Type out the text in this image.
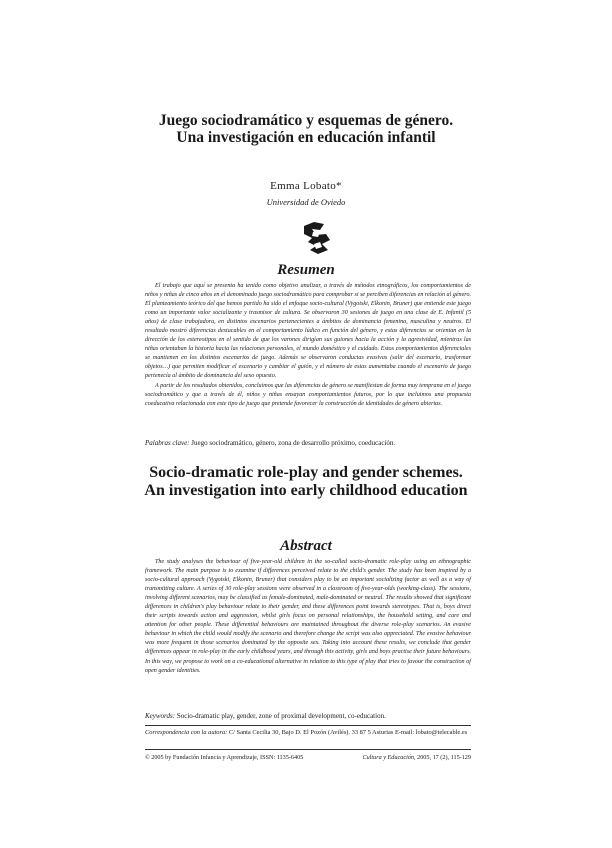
Juego sociodramático y esquemas de género. Una investigación en educación infantil

Emma Lobato*

Universidad de Oviedo

Resumen

El trabajo que aquí se presenta ha tenido como objetivo analizar, a través de métodos etnográficos, los comportamientos de niños y niñas de cinco años en el denominado juego sociodramático para comprobar si se perciben diferencias en relación al género. El planteamiento teórico del que hemos partido ha sido el enfoque socio-cultural (Vygotski, Elkonin, Bruner) que entiende este juego como un importante valor socializante y trasmisor de cultura. Se observaron 30 sesiones de juego en una clase de E. Infantil (5 años) de clase trabajadora, en distintos escenarios pertenecientes a ámbitos de dominancia femenina, masculina y neutros. El resultado mostró diferencias destacables en el comportamiento lúdico en función del género, y estas diferencias se orientan en la dirección de los estereotipos en el sentido de que los varones dirigían sus guiones hacia la acción y la agresividad, mientras las niñas orientaban la historia hacia las relaciones personales, el mundo doméstico y el cuidado. Estos comportamientos diferenciales se mantienen en los distintos escenarios de juego. Además se observaron conductas evasivas (salir del escenario, trasformar objetos…) que permiten modificar el escenario y cambiar el guión, y el número de estas aumentaba cuando el escenario de juego pertenecía al ámbito de dominancia del sexo opuesto.

A partir de los resultados obtenidos, concluimos que las diferencias de género se manifiestan de forma muy temprana en el juego sociodramático y que a través de él, niños y niñas ensayan comportamientos futuros, por lo que incluimos una propuesta coeducativa relacionada con este tipo de juego que pretende favorecer la construcción de identidades de género abiertas.

Palabras clave: Juego sociodramático, género, zona de desarrollo próximo, coeducación.

Socio-dramatic role-play and gender schemes. An investigation into early childhood education
Abstract

The study analyses the behaviour of five-year-old children in the so-called socio-dramatic role-play using an ethnographic framework. The main purpose is to examine if differences perceived relate to the child's gender. The study has been inspired by a socio-cultural approach (Vygotski, Elkonin, Bruner) that considers play to be an important socializing factor as well as a way of transmitting culture. A series of 30 role-play sessions were observed in a classroom of five-year-olds (working-class). The sessions, involving different scenarios, may be classified as female-dominated, male-dominated or neutral. The results showed that significant differences in children's play behaviour relate to their gender, and these differences point towards stereotypes. That is, boys direct their scripts towards action and aggression, whilst girls focus on personal relationships, the household setting, and care and attention for other people. These differential behaviours are maintained throughout the diverse role-play scenarios. An evasive behaviour in which the child would modify the scenario and therefore change the script was also appreciated. The evasive behaviour was more frequent in those scenarios dominated by the opposite sex. Taking into account these results, we conclude that gender differences appear in role-play in the early childhood years, and through this activity, girls and boys practise their future behaviours. In this way, we propose to work on a co-educational alternative in relation to this type of play that tries to favour the construction of open gender identities.

Keywords: Socio-dramatic play, gender, zone of proximal development, co-education.

Correspondencia con la autora: C/ Santa Cecilia 30, Bajo D. El Pozón (Avilés). 33 87 5 Asturias E-mail: lobato@telecable.es

© 2005 by Fundación Infancia y Aprendizaje, ISSN: 1135-6405	Cultura y Educación, 2005, 17 (2), 115-129
